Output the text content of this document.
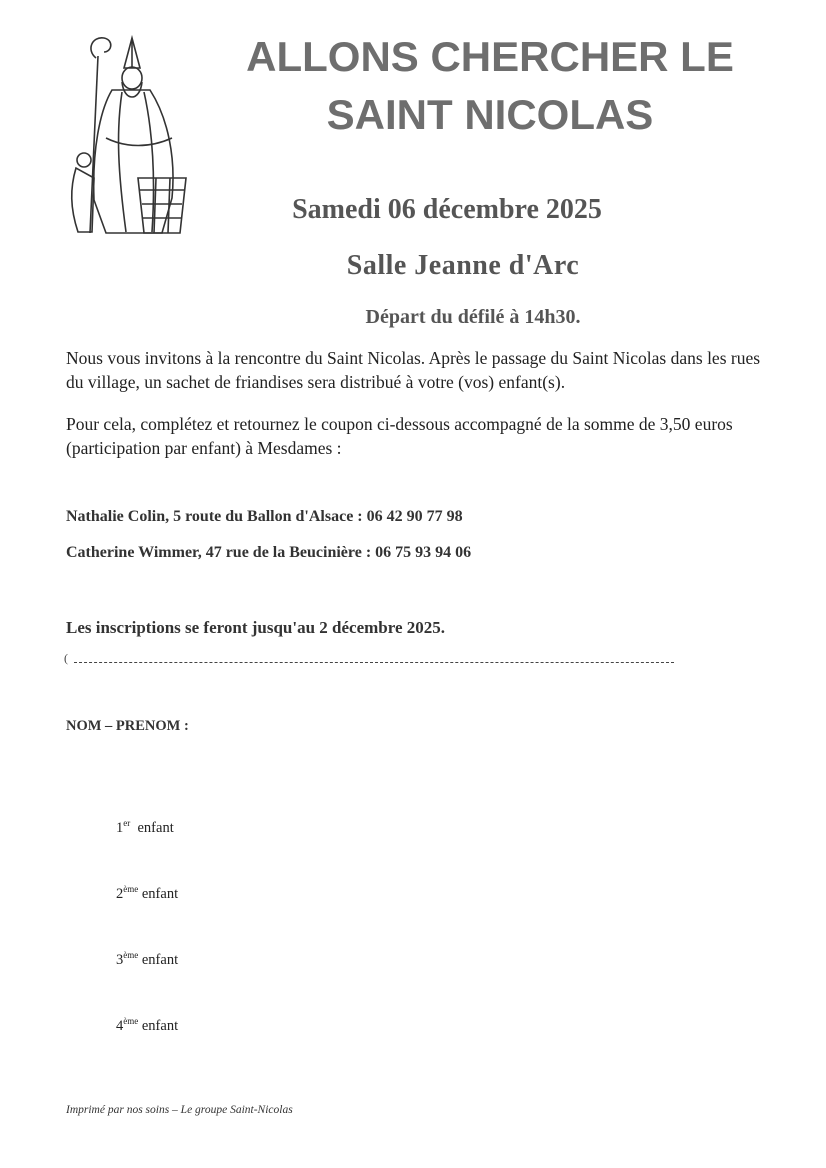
ALLONS CHERCHER LE
SAINT NICOLAS
Samedi 06 décembre 2025
Salle Jeanne d'Arc
Départ du défilé à 14h30.
Nous vous invitons à la rencontre du Saint Nicolas. Après le passage du Saint Nicolas dans les rues du village, un sachet de friandises sera distribué à votre (vos) enfant(s).
Pour cela, complétez et retournez le coupon ci-dessous accompagné de la somme de 3,50 euros (participation par enfant) à Mesdames :
Nathalie Colin, 5 route du Ballon d'Alsace : 06 42 90 77 98
Catherine Wimmer, 47 rue de la Beucinière : 06 75 93 94 06
Les inscriptions se feront jusqu'au 2 décembre 2025.
(
NOM – PRENOM :
1er enfant
2ème enfant
3ème enfant
4ème enfant
Imprimé par nos soins – Le groupe Saint-Nicolas
